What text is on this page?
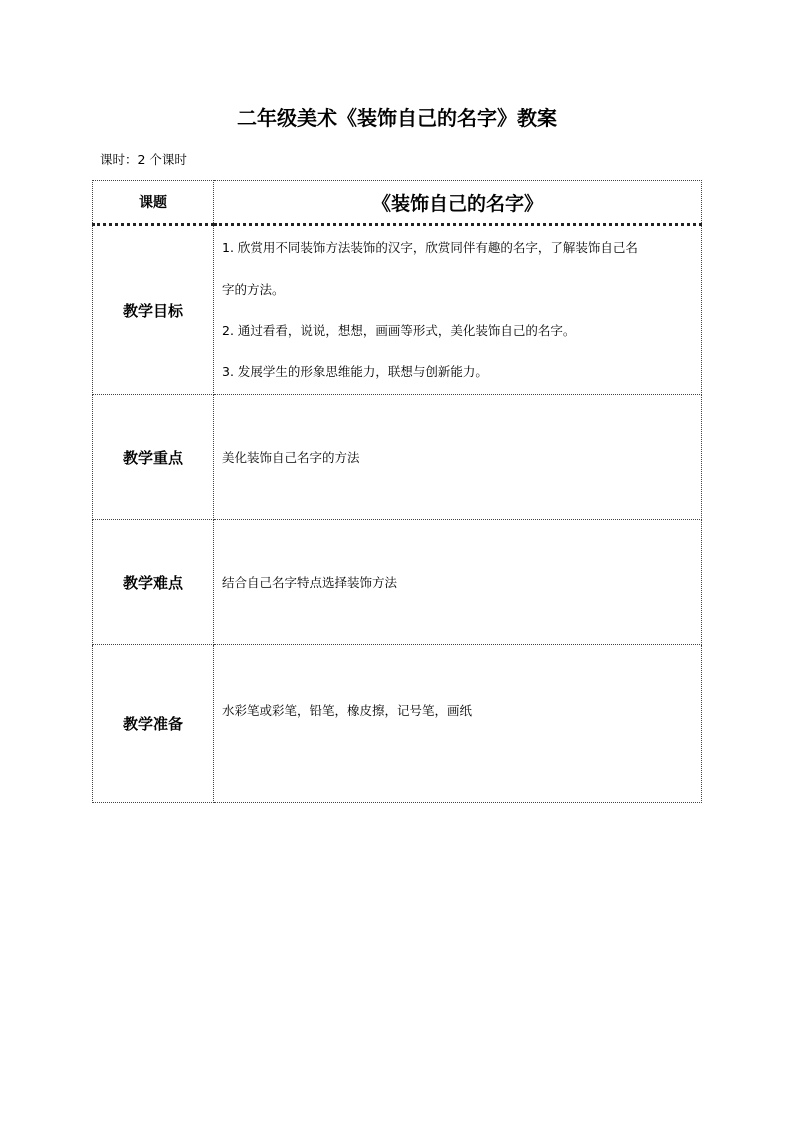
二年级美术《装饰自己的名字》教案
课时：2 个课时
课题	《装饰自己的名字》
教学目标	1. 欣赏用不同装饰方法装饰的汉字，欣赏同伴有趣的名字，了解装饰自己名

字的方法。

2. 通过看看，说说，想想，画画等形式，美化装饰自己的名字。

3. 发展学生的形象思维能力，联想与创新能力。

教学重点	美化装饰自己名字的方法
教学难点	结合自己名字特点选择装饰方法
教学准备	水彩笔或彩笔，铅笔，橡皮擦，记号笔，画纸
